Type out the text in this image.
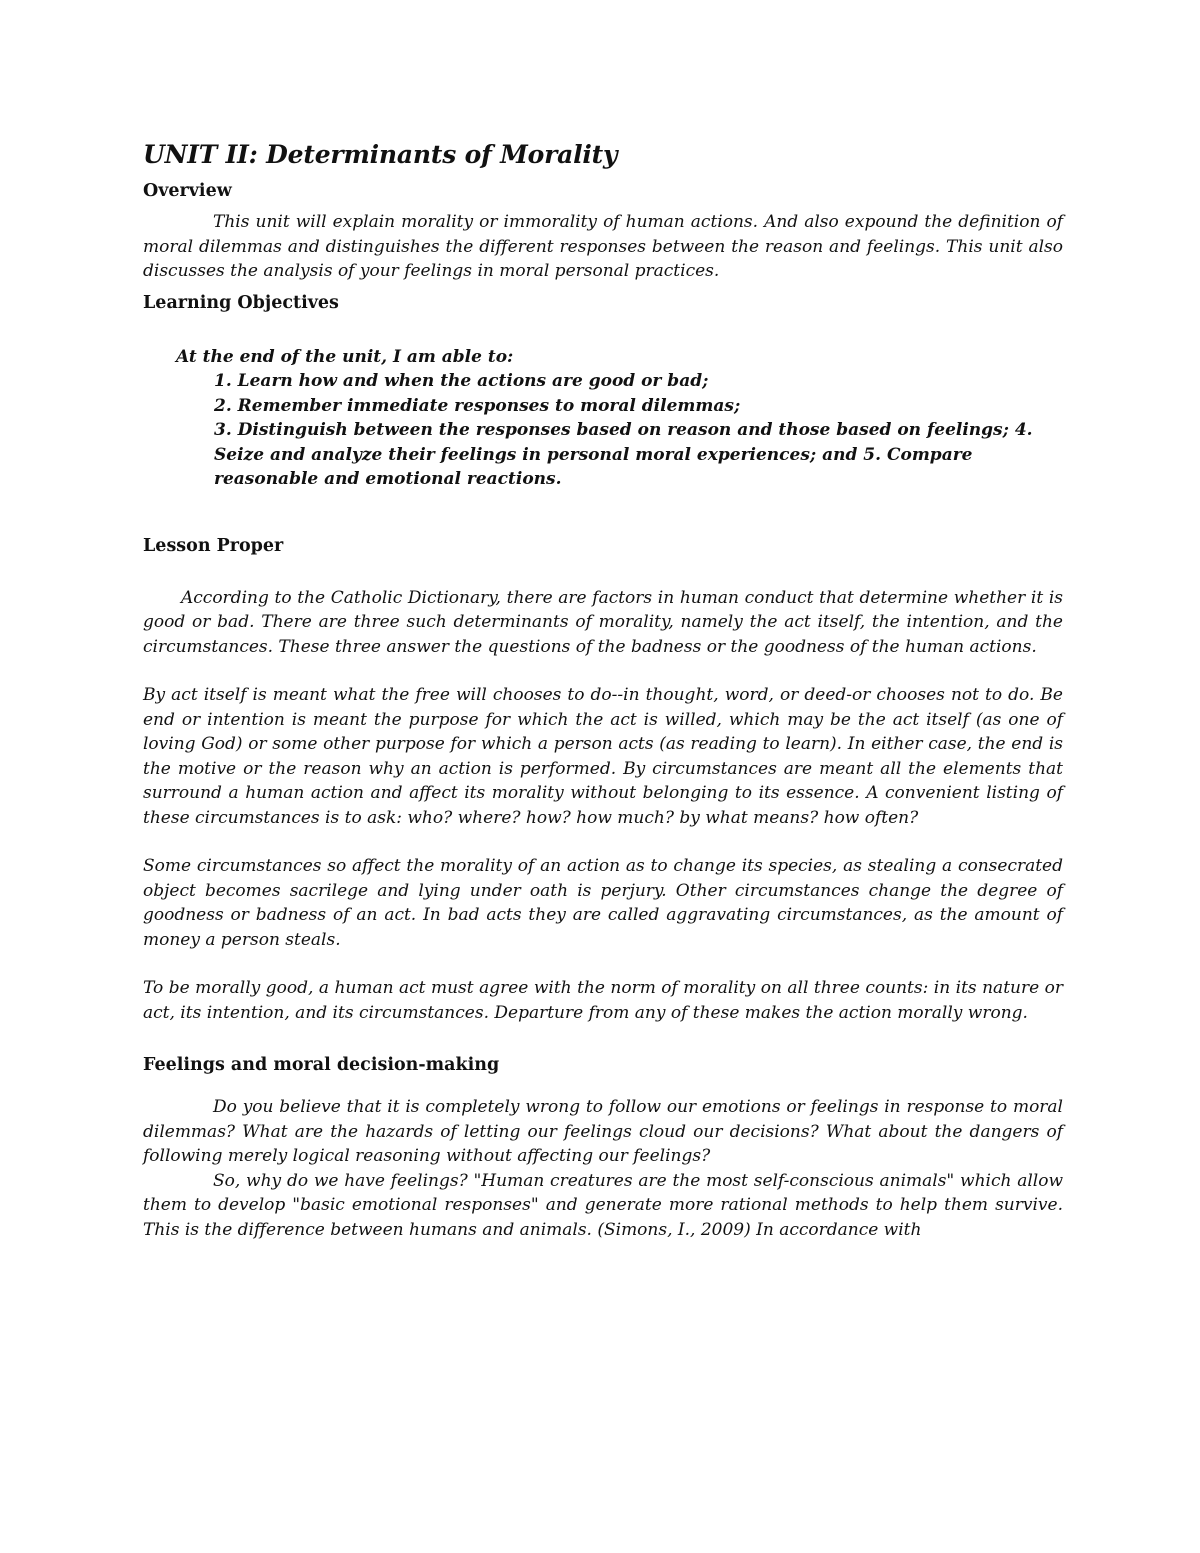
UNIT II: Determinants of Morality
Overview

This unit will explain morality or immorality of human actions. And also expound the definition of moral dilemmas and distinguishes the different responses between the reason and feelings. This unit also discusses the analysis of your feelings in moral personal practices.

Learning Objectives
At the end of the unit, I am able to:
1. Learn how and when the actions are good or bad;
2. Remember immediate responses to moral dilemmas;
3. Distinguish between the responses based on reason and those based on feelings; 4. Seize and analyze their feelings in personal moral experiences; and 5. Compare reasonable and emotional reactions.
Lesson Proper

According to the Catholic Dictionary, there are factors in human conduct that determine whether it is good or bad. There are three such determinants of morality, namely the act itself, the intention, and the circumstances. These three answer the questions of the badness or the goodness of the human actions.

By act itself is meant what the free will chooses to do--in thought, word, or deed-or chooses not to do. Be end or intention is meant the purpose for which the act is willed, which may be the act itself (as one of loving God) or some other purpose for which a person acts (as reading to learn). In either case, the end is the motive or the reason why an action is performed. By circumstances are meant all the elements that surround a human action and affect its morality without belonging to its essence. A convenient listing of these circumstances is to ask: who? where? how? how much? by what means? how often?

Some circumstances so affect the morality of an action as to change its species, as stealing a consecrated object becomes sacrilege and lying under oath is perjury. Other circumstances change the degree of goodness or badness of an act. In bad acts they are called aggravating circumstances, as the amount of money a person steals.

To be morally good, a human act must agree with the norm of morality on all three counts: in its nature or act, its intention, and its circumstances. Departure from any of these makes the action morally wrong.

Feelings and moral decision-making

Do you believe that it is completely wrong to follow our emotions or feelings in response to moral dilemmas? What are the hazards of letting our feelings cloud our decisions? What about the dangers of following merely logical reasoning without affecting our feelings?

So, why do we have feelings? "Human creatures are the most self-conscious animals" which allow them to develop "basic emotional responses" and generate more rational methods to help them survive. This is the difference between humans and animals. (Simons, I., 2009) In accordance with
